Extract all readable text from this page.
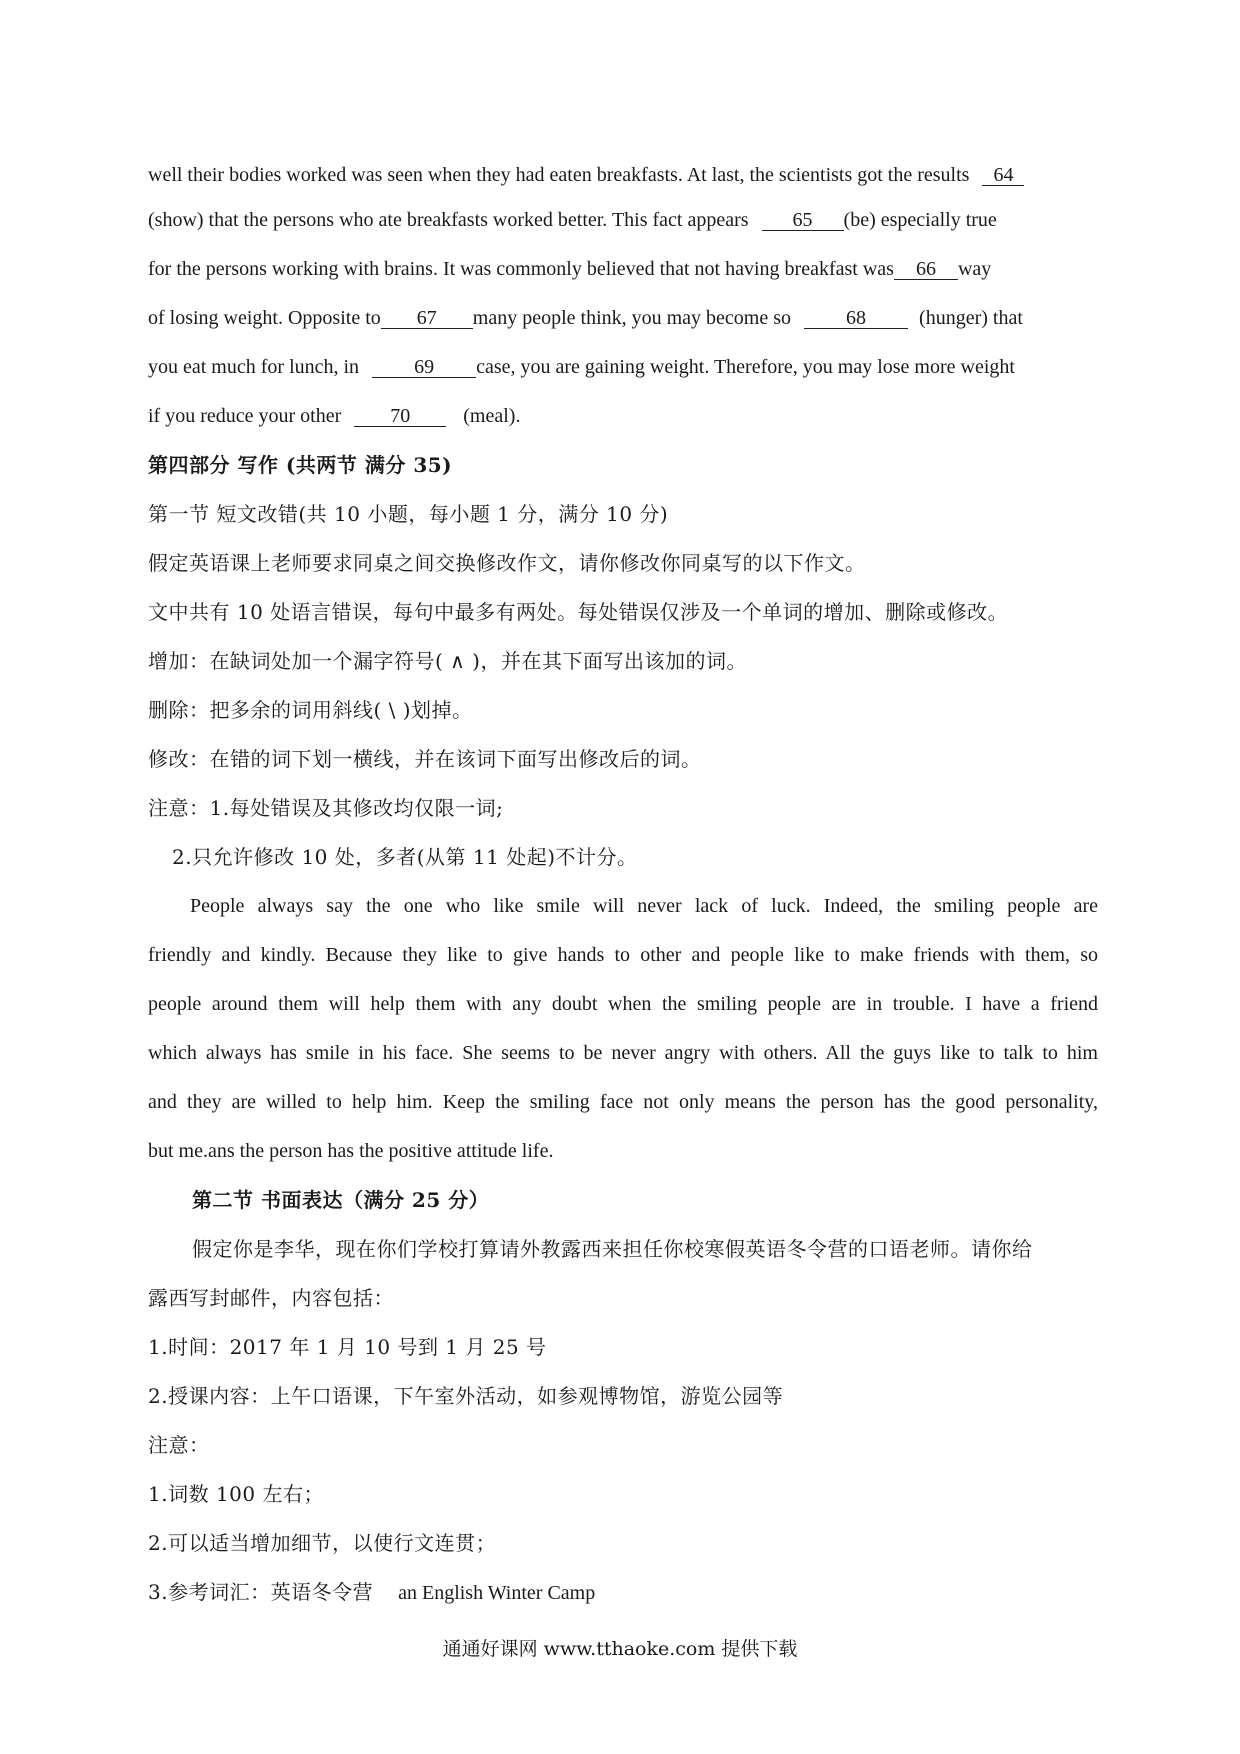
well their bodies worked was seen when they had eaten breakfasts. At last, the scientists got the results 64
(show) that the persons who ate breakfasts worked better. This fact appears 65 (be) especially true
for the persons working with brains. It was commonly believed that not having breakfast was 66 way
of losing weight. Opposite to 67 many people think, you may become so	68	(hunger) that
you eat much for lunch, in	69 case, you are gaining weight. Therefore, you may lose more weight
if you reduce your other 70	(meal).
第四部分 写作 (共两节 满分 35)
第一节 短文改错(共 10 小题，每小题 1 分，满分 10 分)
假定英语课上老师要求同桌之间交换修改作文，请你修改你同桌写的以下作文。
文中共有 10 处语言错误，每句中最多有两处。每处错误仅涉及一个单词的增加、删除或修改。
增加：在缺词处加一个漏字符号( ∧ )，并在其下面写出该加的词。
删除：把多余的词用斜线( \ )划掉。
修改：在错的词下划一横线，并在该词下面写出修改后的词。
注意：1.每处错误及其修改均仅限一词;
2.只允许修改 10 处，多者(从第 11 处起)不计分。
People always say the one who like smile will never lack of luck. Indeed, the smiling people are
friendly and kindly. Because they like to give hands to other and people like to make friends with them, so
people around them will help them with any doubt when the smiling people are in trouble. I have a friend
which always has smile in his face. She seems to be never angry with others. All the guys like to talk to him
and they are willed to help him. Keep the smiling face not only means the person has the good personality,
but me.ans the person has the positive attitude life.
第二节 书面表达（满分 25 分）
假定你是李华，现在你们学校打算请外教露西来担任你校寒假英语冬令营的口语老师。请你给
露西写封邮件，内容包括：
1.时间：2017 年 1 月 10 号到 1 月 25 号
2.授课内容：上午口语课，下午室外活动，如参观博物馆，游览公园等
注意：
1.词数 100 左右；
2.可以适当增加细节，以使行文连贯；
3.参考词汇：英语冬令营 an English Winter Camp
通通好课网 www.tthaoke.com 提供下载
